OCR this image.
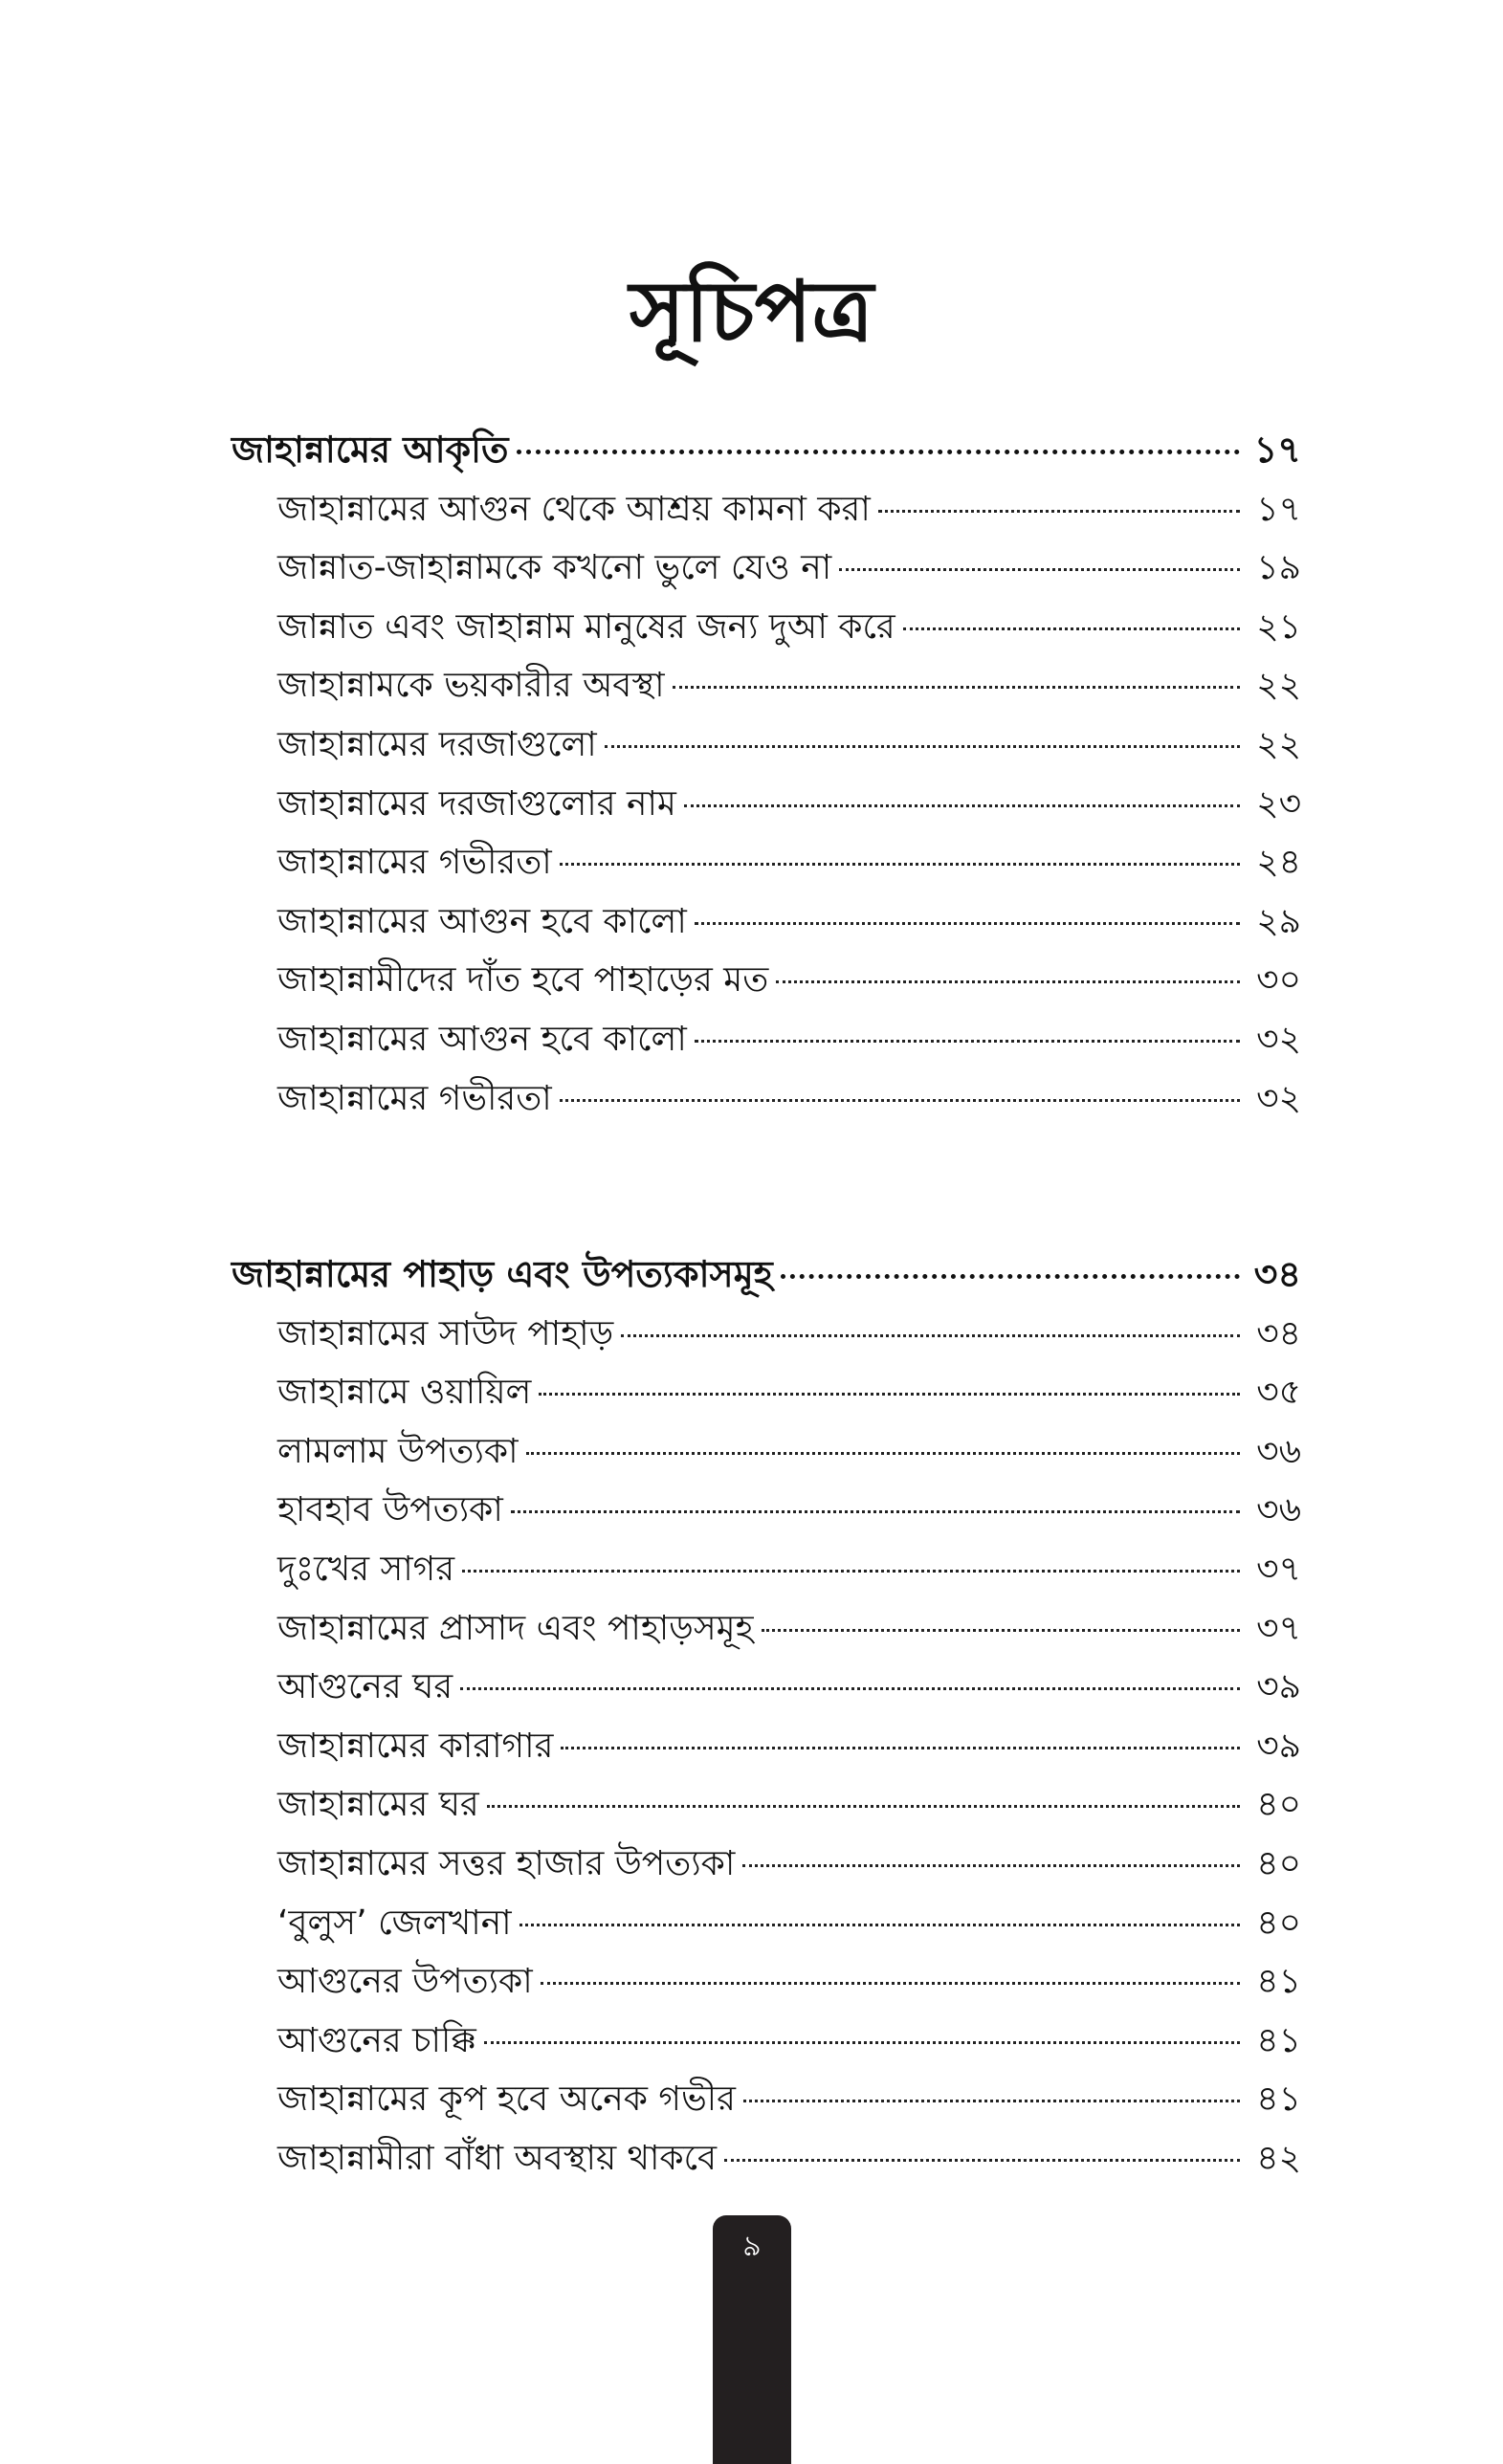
সূচিপত্র
জাহান্নামের আকৃতি	১৭
জাহান্নামের আগুন থেকে আশ্রয় কামনা করা	১৭
জান্নাত-জাহান্নামকে কখনো ভুলে যেও না	১৯
জান্নাত এবং জাহান্নাম মানুষের জন্য দুআ করে	২১
জাহান্নামকে ভয়কারীর অবস্থা	২২
জাহান্নামের দরজাগুলো	২২
জাহান্নামের দরজাগুলোর নাম	২৩
জাহান্নামের গভীরতা	২৪
জাহান্নামের আগুন হবে কালো	২৯
জাহান্নামীদের দাঁত হবে পাহাড়ের মত	৩০
জাহান্নামের আগুন হবে কালো	৩২
জাহান্নামের গভীরতা	৩২
জাহান্নামের পাহাড় এবং উপত্যকাসমূহ	৩৪
জাহান্নামের সাউদ পাহাড়	৩৪
জাহান্নামে ওয়ায়িল	৩৫
লামলাম উপত্যকা	৩৬
হাবহাব উপত্যকা	৩৬
দুঃখের সাগর	৩৭
জাহান্নামের প্রাসাদ এবং পাহাড়সমূহ	৩৭
আগুনের ঘর	৩৯
জাহান্নামের কারাগার	৩৯
জাহান্নামের ঘর	৪০
জাহান্নামের সত্তর হাজার উপত্যকা	৪০
‘বুলুস’ জেলখানা	৪০
আগুনের উপত্যকা	৪১
আগুনের চাক্কি	৪১
জাহান্নামের কূপ হবে অনেক গভীর	৪১
জাহান্নামীরা বাঁধা অবস্থায় থাকবে	৪২
৯
